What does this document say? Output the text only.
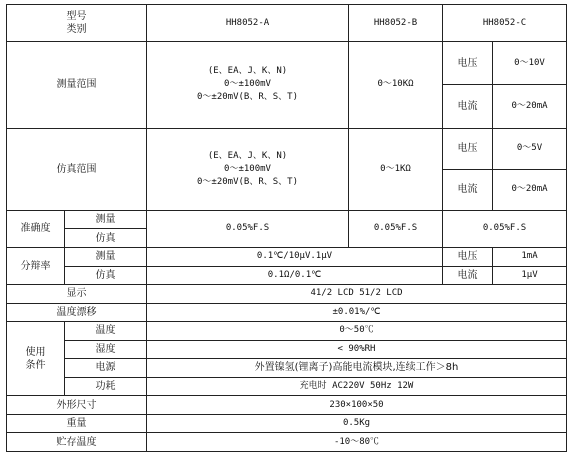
型号
类别		HH8052-A	HH8052-B	HH8052-C	
测量范围		(E、EA、J、K、N)
0～±100mV
0～±20mV(B、R、S、T)	0～10KΩ	电压	0～10V
				电流	0～20mA
仿真范围		(E、EA、J、K、N)
0～±100mV
0～±20mV(B、R、S、T)	0～1KΩ	电压	0～5V
				电流	0～20mA
准确度	测量	0.05%F.S	0.05%F.S	0.05%F.S	
	仿真				
分辩率	测量	0.1℃/10μV.1μV		电压	1mA
	仿真	0.1Ω/0.1℃		电流	1μV
显示		41/2 LCD 51/2 LCD			
温度漂移		±0.01%/℃			

使用
条件	温度	0～50℃			
	湿度	< 90%RH			
	电源	外置镍氢(锂离子)高能电流模块,连续工作＞8h			
	功耗	充电时 AC220V 50Hz 12W			
外形尺寸		230×100×50			
重量		0.5Kg			
贮存温度		-10～80℃			
